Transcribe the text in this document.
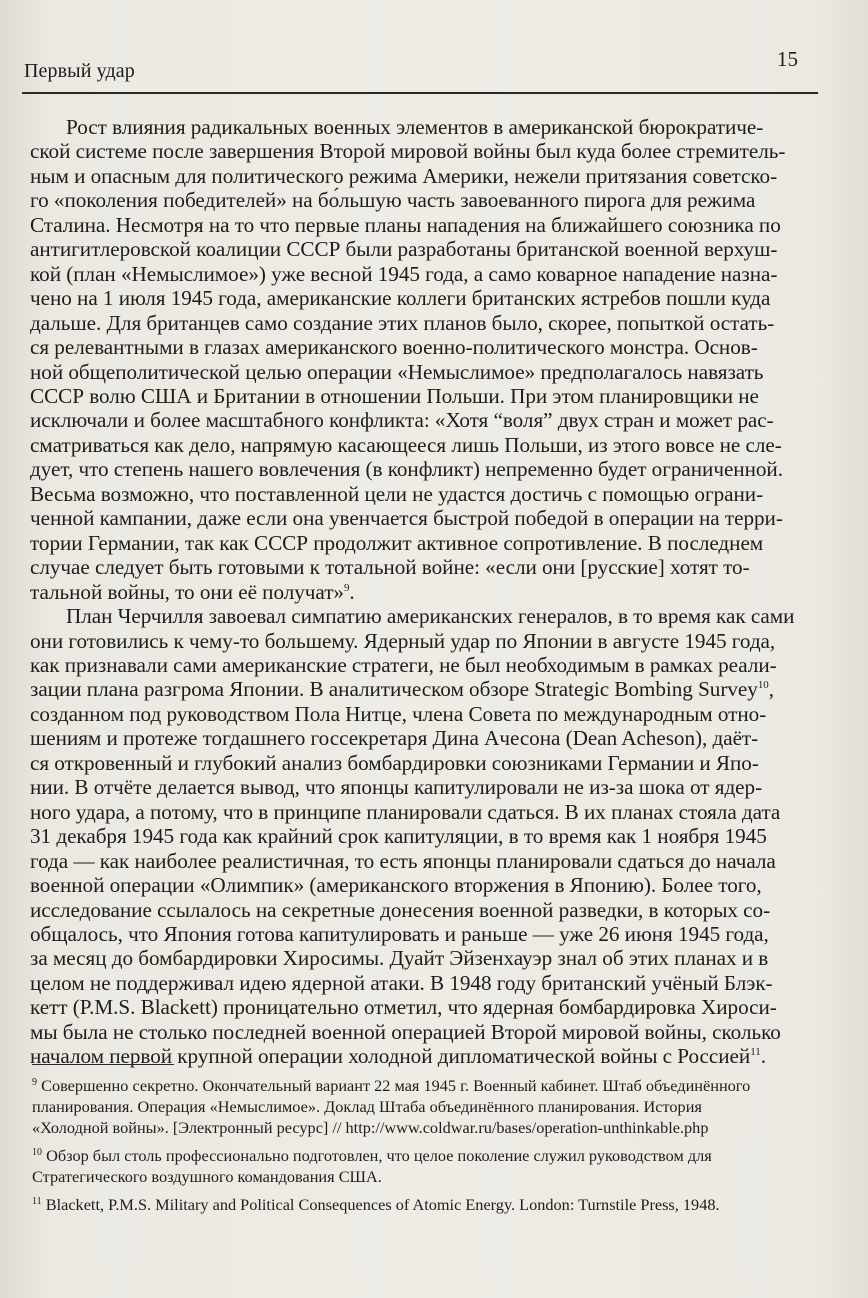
Первый удар	15

Рост влияния радикальных военных элементов в американской бюрократиче-

ской системе после завершения Второй мировой войны был куда более стремитель-

ным и опасным для политического режима Америки, нежели притязания советско-

го «поколения победителей» на бо́льшую часть завоеванного пирога для режима

Сталина. Несмотря на то что первые планы нападения на ближайшего союзника по

антигитлеровской коалиции СССР были разработаны британской военной верхуш-

кой (план «Немыслимое») уже весной 1945 года, а само коварное нападение назна-

чено на 1 июля 1945 года, американские коллеги британских ястребов пошли куда

дальше. Для британцев само создание этих планов было, скорее, попыткой остать-

ся релевантными в глазах американского военно-политического монстра. Основ-

ной общеполитической целью операции «Немыслимое» предполагалось навязать

СССР волю США и Британии в отношении Польши. При этом планировщики не

исключали и более масштабного конфликта: «Хотя “воля” двух стран и может рас-

сматриваться как дело, напрямую касающееся лишь Польши, из этого вовсе не сле-

дует, что степень нашего вовлечения (в конфликт) непременно будет ограниченной.

Весьма возможно, что поставленной цели не удастся достичь с помощью ограни-

ченной кампании, даже если она увенчается быстрой победой в операции на терри-

тории Германии, так как СССР продолжит активное сопротивление. В последнем

случае следует быть готовыми к тотальной войне: «если они [русские] хотят то-

тальной войны, то они её получат»$^9$.

План Черчилля завоевал симпатию американских генералов, в то время как сами

они готовились к чему-то большему. Ядерный удар по Японии в августе 1945 года,

как признавали сами американские стратеги, не был необходимым в рамках реали-

зации плана разгрома Японии. В аналитическом обзоре Strategic Bombing Survey$^{10}$,

созданном под руководством Пола Нитце, члена Совета по международным отно-

шениям и протеже тогдашнего госсекретаря Дина Ачесона (Dean Acheson), даёт-

ся откровенный и глубокий анализ бомбардировки союзниками Германии и Япо-

нии. В отчёте делается вывод, что японцы капитулировали не из-за шока от ядер-

ного удара, а потому, что в принципе планировали сдаться. В их планах стояла дата

31 декабря 1945 года как крайний срок капитуляции, в то время как 1 ноября 1945

года — как наиболее реалистичная, то есть японцы планировали сдаться до начала

военной операции «Олимпик» (американского вторжения в Японию). Более того,

исследование ссылалось на секретные донесения военной разведки, в которых со-

общалось, что Япония готова капитулировать и раньше — уже 26 июня 1945 года,

за месяц до бомбардировки Хиросимы. Дуайт Эйзенхауэр знал об этих планах и в

целом не поддерживал идею ядерной атаки. В 1948 году британский учёный Блэк-

кетт (P.M.S. Blackett) проницательно отметил, что ядерная бомбардировка Хироси-

мы была не столько последней военной операцией Второй мировой войны, сколько

началом первой крупной операции холодной дипломатической войны с Россией$^{11}$.

$^9$ Совершенно секретно. Окончательный вариант 22 мая 1945 г. Военный кабинет. Штаб объединённого

планирования. Операция «Немыслимое». Доклад Штаба объединённого планирования. История

«Холодной войны». [Электронный ресурс] // http://www.coldwar.ru/bases/operation-unthinkable.php

$^{10}$ Обзор был столь профессионально подготовлен, что целое поколение служил руководством для

Стратегического воздушного командования США.

$^{11}$ Blackett, P.M.S. Military and Political Consequences of Atomic Energy. London: Turnstile Press, 1948.
